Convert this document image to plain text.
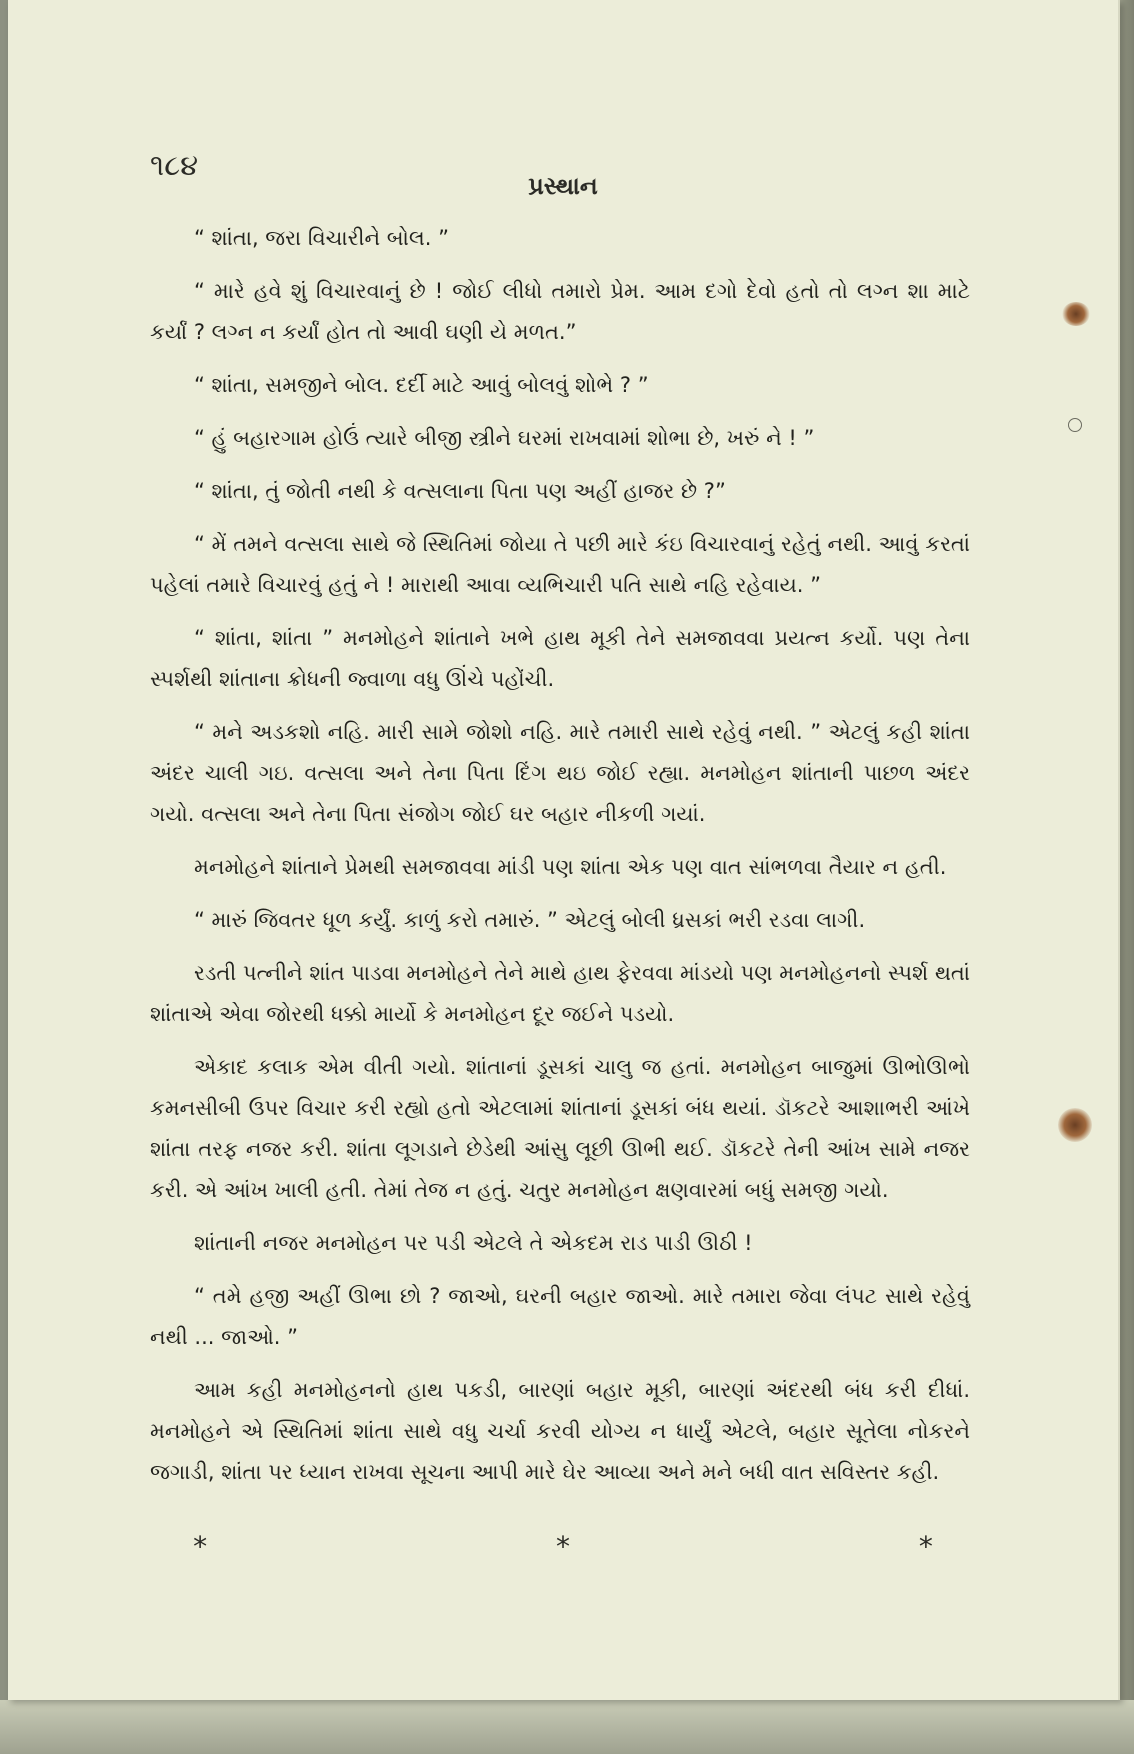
૧૮૪
પ્રસ્થાન

“ શાંતા, જરા વિચારીને બોલ. ”

“ મારે હવે શું વિચારવાનું છે ! જોઈ લીધો તમારો પ્રેમ. આમ દગો દેવો હતો તો લગ્ન શા માટે કર્યાં ? લગ્ન ન કર્યાં હોત તો આવી ઘણી યે મળત.”

“ શાંતા, સમજીને બોલ. દર્દી માટે આવું બોલવું શોભે ? ”

“ હું બહારગામ હોઉં ત્યારે બીજી સ્ત્રીને ઘરમાં રાખવામાં શોભા છે, ખરું ને ! ”

“ શાંતા, તું જોતી નથી કે વત્સલાના પિતા પણ અહીં હાજર છે ?”

“ મેં તમને વત્સલા સાથે જે સ્થિતિમાં જોયા તે પછી મારે કંઇ વિચારવાનું રહેતું નથી. આવું કરતાં પહેલાં તમારે વિચારવું હતું ને ! મારાથી આવા વ્યભિચારી પતિ સાથે નહિ રહેવાય. ”

“ શાંતા, શાંતા ” મનમોહને શાંતાને ખભે હાથ મૂકી તેને સમજાવવા પ્રયત્ન કર્યો. પણ તેના સ્પર્શથી શાંતાના ક્રોધની જ્વાળા વધુ ઊંચે પહોંચી.

“ મને અડકશો નહિ. મારી સામે જોશો નહિ. મારે તમારી સાથે રહેવું નથી. ” એટલું કહી શાંતા અંદર ચાલી ગઇ. વત્સલા અને તેના પિતા દિંગ થઇ જોઈ રહ્યા. મનમોહન શાંતાની પાછળ અંદર ગયો. વત્સલા અને તેના પિતા સંજોગ જોઈ ઘર બહાર નીકળી ગયાં.

મનમોહને શાંતાને પ્રેમથી સમજાવવા માંડી પણ શાંતા એક પણ વાત સાંભળવા તૈયાર ન હતી.

“ મારું જિવતર ધૂળ કર્યું. કાળું કરો તમારું. ” એટલું બોલી ધ્રસકાં ભરી રડવા લાગી.

રડતી પત્નીને શાંત પાડવા મનમોહને તેને માથે હાથ ફેરવવા માંડયો પણ મનમોહનનો સ્પર્શ થતાં શાંતાએ એવા જોરથી ધક્કો માર્યો કે મનમોહન દૂર જઈને પડયો.

એકાદ કલાક એમ વીતી ગયો. શાંતાનાં ડૂસકાં ચાલુ જ હતાં. મનમોહન બાજુમાં ઊભોઊભો કમનસીબી ઉપર વિચાર કરી રહ્યો હતો એટલામાં શાંતાનાં ડૂસકાં બંધ થયાં. ડૉકટરે આશાભરી આંખે શાંતા તરફ નજર કરી. શાંતા લૂગડાને છેડેથી આંસુ લૂછી ઊભી થઈ. ડૉકટરે તેની આંખ સામે નજર કરી. એ આંખ ખાલી હતી. તેમાં તેજ ન હતું. ચતુર મનમોહન ક્ષણવારમાં બધું સમજી ગયો.

શાંતાની નજર મનમોહન પર પડી એટલે તે એકદમ રાડ પાડી ઊઠી !

“ તમે હજી અહીં ઊભા છો ? જાઓ, ઘરની બહાર જાઓ. મારે તમારા જેવા લંપટ સાથે રહેવું નથી ... જાઓ. ”

આમ કહી મનમોહનનો હાથ પકડી, બારણાં બહાર મૂકી, બારણાં અંદરથી બંધ કરી દીધાં. મનમોહને એ સ્થિતિમાં શાંતા સાથે વધુ ચર્ચા કરવી યોગ્ય ન ધાર્યું એટલે, બહાર સૂતેલા નોકરને જગાડી, શાંતા પર ધ્યાન રાખવા સૂચના આપી મારે ઘેર આવ્યા અને મને બધી વાત સવિસ્તર કહી.

* * *
